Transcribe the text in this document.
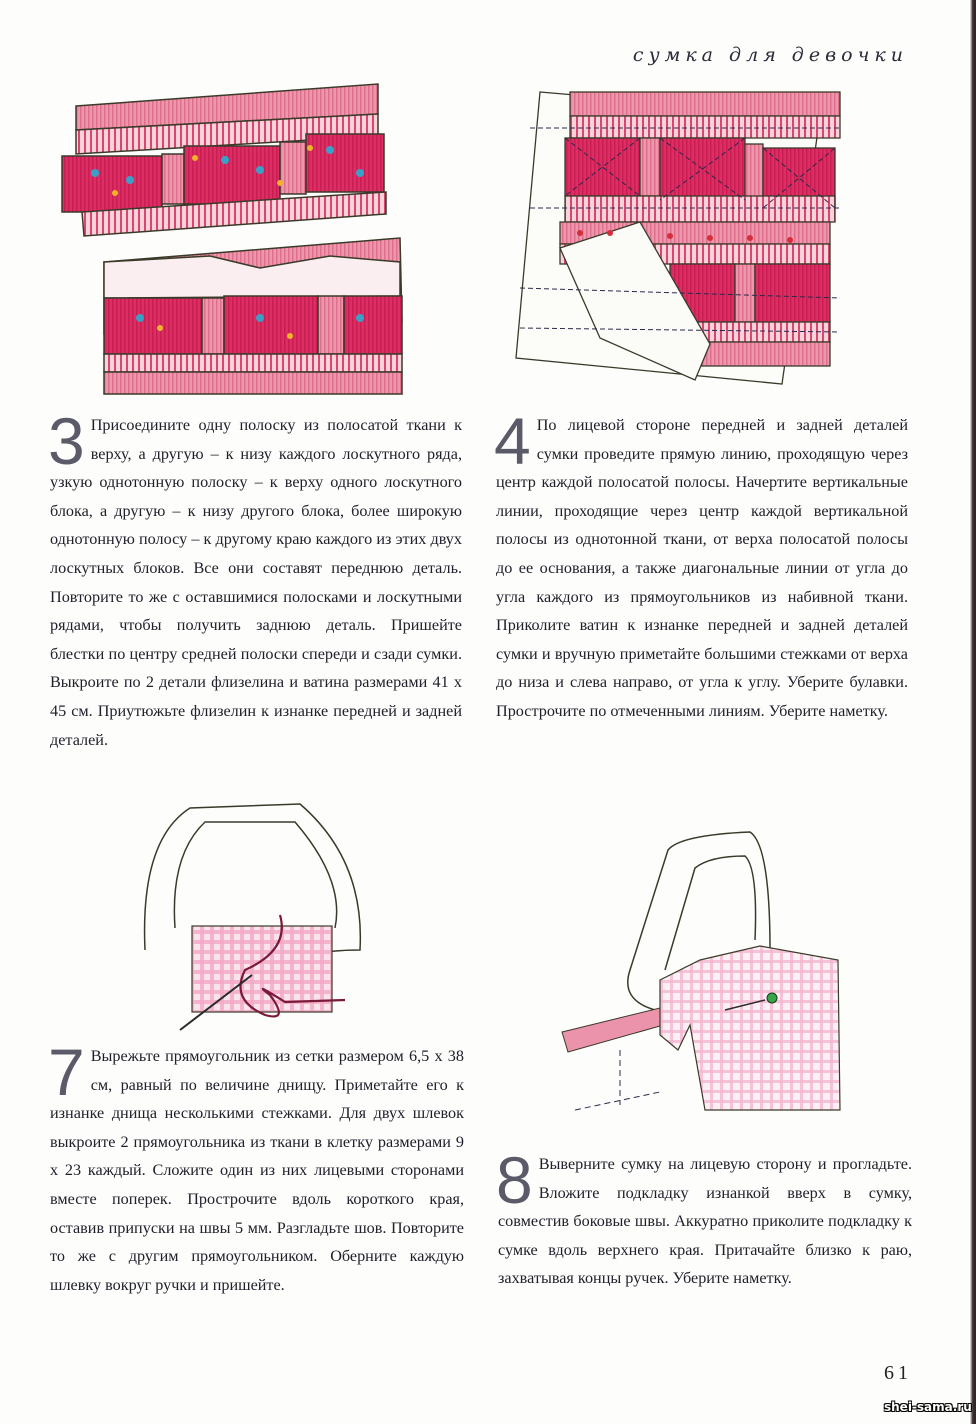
сумка для девочки
3 Присоедините одну полоску из полосатой ткани к верху, а другую – к низу каждого лоскутного ряда, узкую однотонную полоску – к верху одного лоскутного блока, а другую – к низу другого блока, более широкую однотонную полосу – к другому краю каждого из этих двух лоскутных блоков. Все они составят переднюю деталь. Повторите то же с оставшимися полосками и лоскутными рядами, чтобы получить заднюю деталь. Пришейте блестки по центру средней полоски спереди и сзади сумки. Выкроите по 2 детали флизелина и ватина размерами 41 х 45 см. Приутюжьте флизелин к изнанке передней и задней деталей.

4 По лицевой стороне передней и задней деталей сумки проведите прямую линию, проходящую через центр каждой полосатой полосы. Начертите вертикальные линии, проходящие через центр каждой вертикальной полосы из однотонной ткани, от верха полосатой полосы до ее основания, а также диагональные линии от угла до угла каждого из прямоугольников из набивной ткани. Приколите ватин к изнанке передней и задней деталей сумки и вручную приметайте большими стежками от верха до низа и слева направо, от угла к углу. Уберите булавки. Прострочите по отмеченными линиям. Уберите наметку.

7 Вырежьте прямоугольник из сетки размером 6,5 х 38 см, равный по величине днищу. Приметайте его к изнанке днища несколькими стежками. Для двух шлевок выкроите 2 прямоугольника из ткани в клетку размерами 9 х 23 каждый. Сложите один из них лицевыми сторонами вместе поперек. Прострочите вдоль короткого края, оставив припуски на швы 5 мм. Разгладьте шов. Повторите то же с другим прямоугольником. Оберните каждую шлевку вокруг ручки и пришейте.

8 Выверните сумку на лицевую сторону и прогладьте. Вложите подкладку изнанкой вверх в сумку, совместив боковые швы. Аккуратно приколите подкладку к сумке вдоль верхнего края. Притачайте близко к раю, захватывая концы ручек. Уберите наметку.

61
shei-sama.ru
